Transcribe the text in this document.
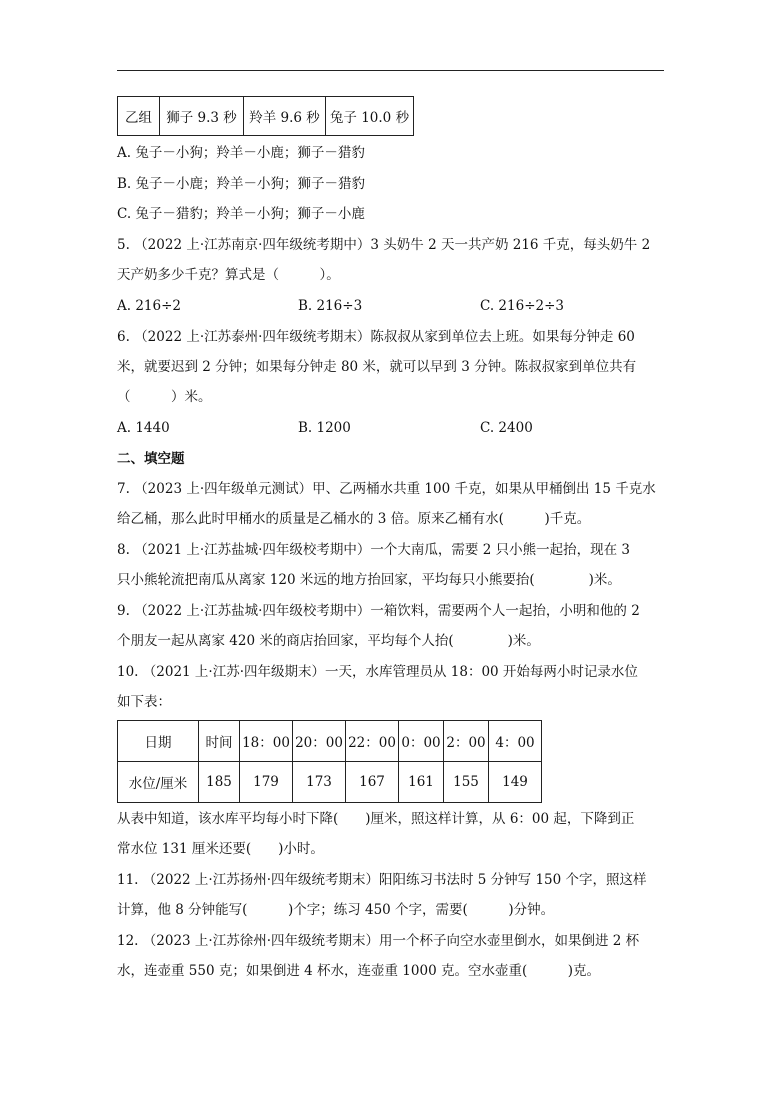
乙组	狮子 9.3 秒	羚羊 9.6 秒	兔子 10.0 秒
A. 兔子－小狗；羚羊－小鹿；狮子－猎豹
B. 兔子－小鹿；羚羊－小狗；狮子－猎豹
C. 兔子－猎豹；羚羊－小狗；狮子－小鹿
5. （2022 上·江苏南京·四年级统考期中）3 头奶牛 2 天一共产奶 216 千克，每头奶牛 2
天产奶多少千克？算式是（　　　）。
A. 216÷2	B. 216÷3	C. 216÷2÷3
6. （2022 上·江苏泰州·四年级统考期末）陈叔叔从家到单位去上班。如果每分钟走 60
米，就要迟到 2 分钟；如果每分钟走 80 米，就可以早到 3 分钟。陈叔叔家到单位共有
（　　　）米。
A. 1440	B. 1200	C. 2400
二、填空题
7. （2023 上·四年级单元测试）甲、乙两桶水共重 100 千克，如果从甲桶倒出 15 千克水
给乙桶，那么此时甲桶水的质量是乙桶水的 3 倍。原来乙桶有水(　　　)千克。
8. （2021 上·江苏盐城·四年级校考期中）一个大南瓜，需要 2 只小熊一起抬，现在 3
只小熊轮流把南瓜从离家 120 米远的地方抬回家，平均每只小熊要抬(　　　　)米。
9. （2022 上·江苏盐城·四年级校考期中）一箱饮料，需要两个人一起抬，小明和他的 2
个朋友一起从离家 420 米的商店抬回家，平均每个人抬(　　　　)米。
10. （2021 上·江苏·四年级期末）一天，水库管理员从 18：00 开始每两小时记录水位
如下表：
日期	时间	18：00	20：00	22：00	0：00	2：00	4：00
水位/厘米	185	179	173	167	161	155	149
从表中知道，该水库平均每小时下降(　　)厘米，照这样计算，从 6：00 起，下降到正
常水位 131 厘米还要(　　)小时。
11. （2022 上·江苏扬州·四年级统考期末）阳阳练习书法时 5 分钟写 150 个字，照这样
计算，他 8 分钟能写(　　　)个字；练习 450 个字，需要(　　　)分钟。
12. （2023 上·江苏徐州·四年级统考期末）用一个杯子向空水壶里倒水，如果倒进 2 杯
水，连壶重 550 克；如果倒进 4 杯水，连壶重 1000 克。空水壶重(　　　)克。
